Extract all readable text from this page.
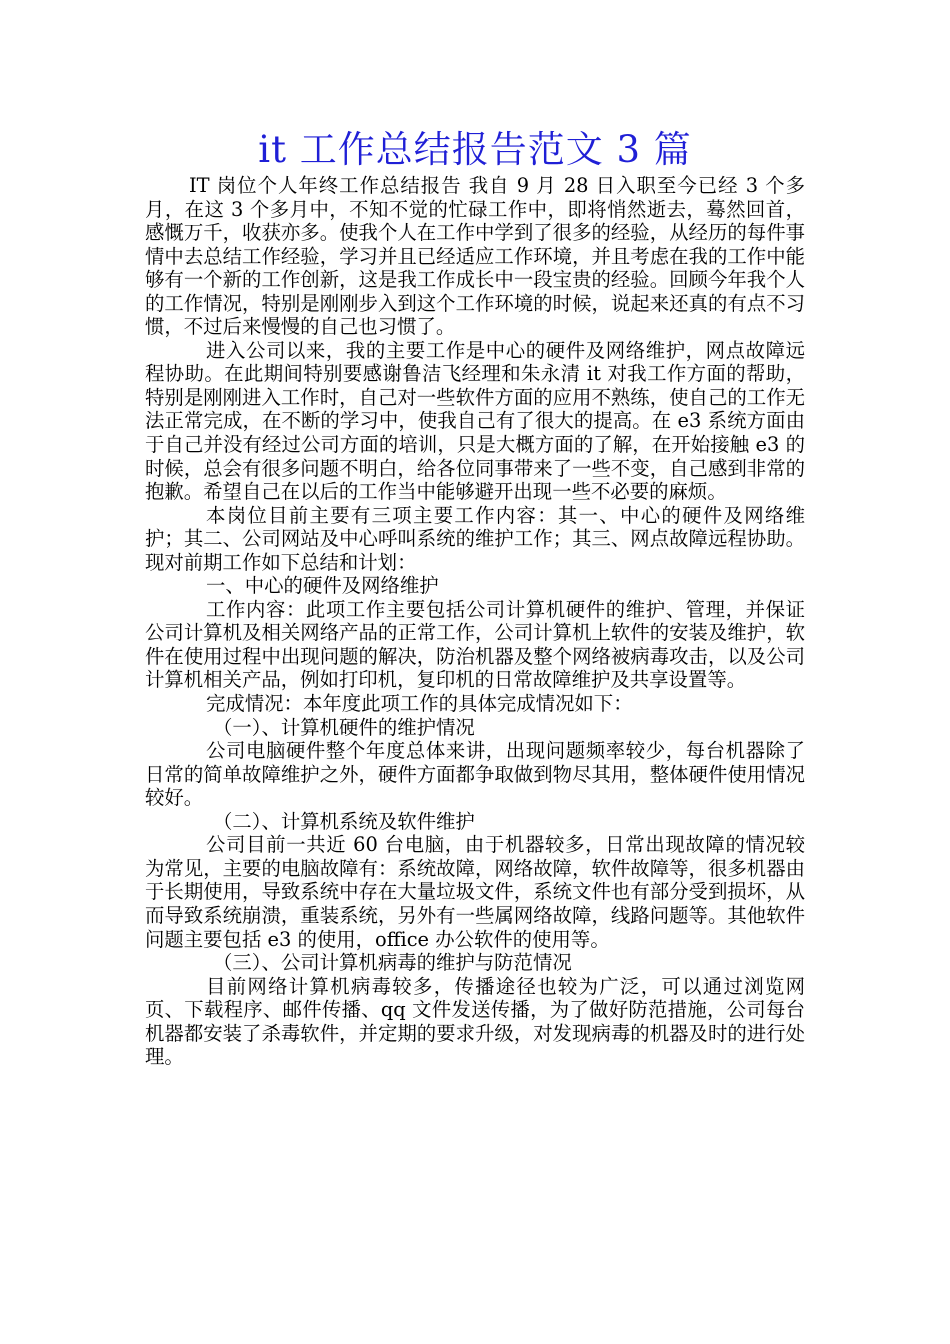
it 工作总结报告范文 3 篇

IT 岗位个人年终工作总结报告 我自 9 月 28 日入职至今已经 3 个多月，在这 3 个多月中，不知不觉的忙碌工作中，即将悄然逝去，蓦然回首，感慨万千，收获亦多。使我个人在工作中学到了很多的经验，从经历的每件事情中去总结工作经验，学习并且已经适应工作环境，并且考虑在我的工作中能够有一个新的工作创新，这是我工作成长中一段宝贵的经验。回顾今年我个人的工作情况，特别是刚刚步入到这个工作环境的时候，说起来还真的有点不习惯，不过后来慢慢的自己也习惯了。

进入公司以来，我的主要工作是中心的硬件及网络维护，网点故障远程协助。在此期间特别要感谢鲁洁飞经理和朱永清 it 对我工作方面的帮助，特别是刚刚进入工作时，自己对一些软件方面的应用不熟练，使自己的工作无法正常完成，在不断的学习中，使我自己有了很大的提高。在 e3 系统方面由于自己并没有经过公司方面的培训，只是大概方面的了解，在开始接触 e3 的时候，总会有很多问题不明白，给各位同事带来了一些不变，自己感到非常的抱歉。希望自己在以后的工作当中能够避开出现一些不必要的麻烦。

本岗位目前主要有三项主要工作内容：其一、中心的硬件及网络维护；其二、公司网站及中心呼叫系统的维护工作；其三、网点故障远程协助。现对前期工作如下总结和计划：

一、中心的硬件及网络维护

工作内容：此项工作主要包括公司计算机硬件的维护、管理，并保证公司计算机及相关网络产品的正常工作，公司计算机上软件的安装及维护，软件在使用过程中出现问题的解决，防治机器及整个网络被病毒攻击，以及公司计算机相关产品，例如打印机，复印机的日常故障维护及共享设置等。

完成情况：本年度此项工作的具体完成情况如下：

（一）、计算机硬件的维护情况

公司电脑硬件整个年度总体来讲，出现问题频率较少，每台机器除了日常的简单故障维护之外，硬件方面都争取做到物尽其用，整体硬件使用情况较好。

（二）、计算机系统及软件维护

公司目前一共近 60 台电脑，由于机器较多，日常出现故障的情况较为常见，主要的电脑故障有：系统故障，网络故障，软件故障等，很多机器由于长期使用，导致系统中存在大量垃圾文件，系统文件也有部分受到损坏，从而导致系统崩溃，重装系统，另外有一些属网络故障，线路问题等。其他软件问题主要包括 e3 的使用，office 办公软件的使用等。

（三）、公司计算机病毒的维护与防范情况

目前网络计算机病毒较多，传播途径也较为广泛，可以通过浏览网页、下载程序、邮件传播、qq 文件发送传播，为了做好防范措施，公司每台机器都安装了杀毒软件，并定期的要求升级，对发现病毒的机器及时的进行处理。
